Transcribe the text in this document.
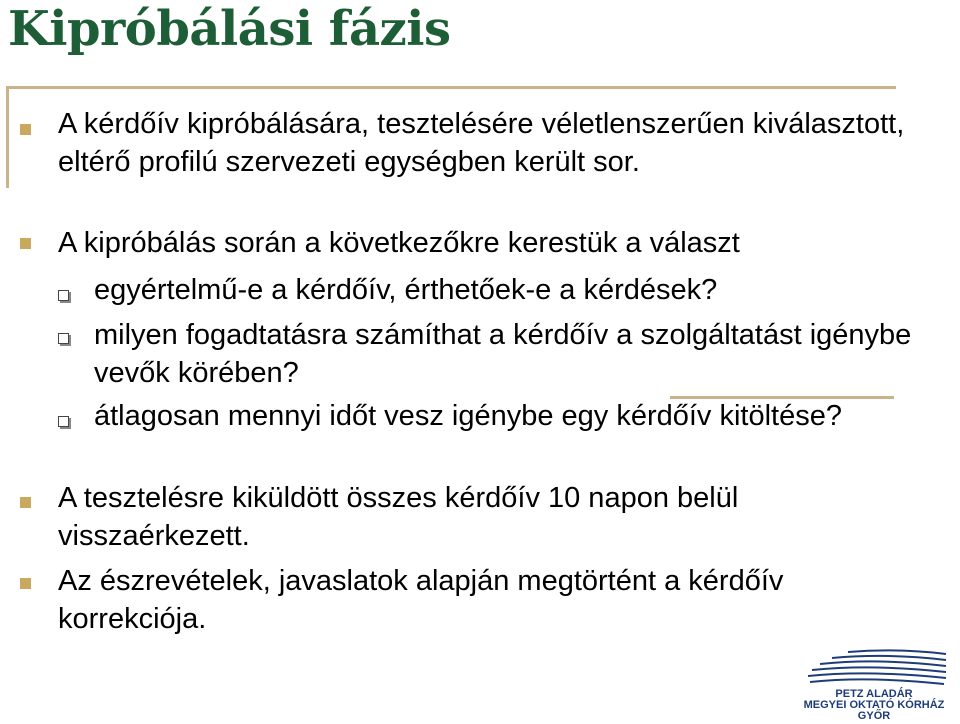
Kipróbálási fázis

A kérdőív kipróbálására, tesztelésére véletlenszerűen kiválasztott, eltérő profilú szervezeti egységben került sor.

A kipróbálás során a következőkre kerestük a választ

egyértelmű-e a kérdőív, érthetőek-e a kérdések?

milyen fogadtatásra számíthat a kérdőív a szolgáltatást igénybe vevők körében?

átlagosan mennyi időt vesz igénybe egy kérdőív kitöltése?

A tesztelésre kiküldött összes kérdőív 10 napon belül visszaérkezett.

Az észrevételek, javaslatok alapján megtörtént a kérdőív korrekciója.

PETZ ALADÁR
MEGYEI OKTATÓ KÓRHÁZ
GYŐR
